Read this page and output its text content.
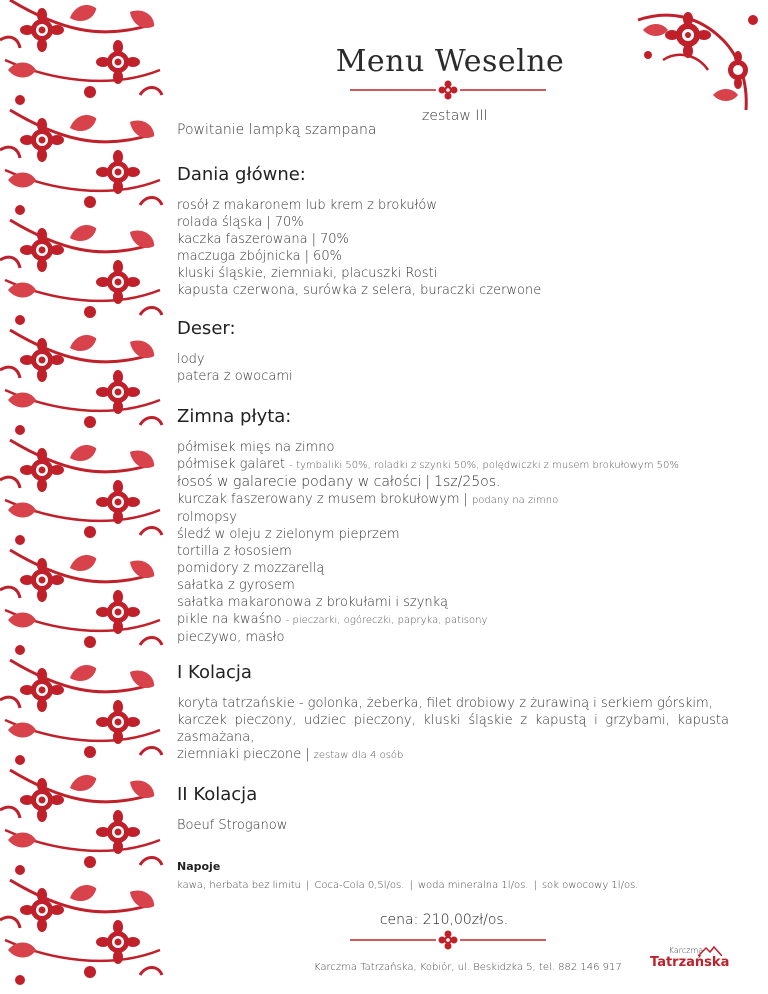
Menu Weselne
zestaw III
Powitanie lampką szampana
Dania główne:
rosół z makaronem lub krem z brokułów
rolada śląska | 70%
kaczka faszerowana | 70%
maczuga zbójnicka | 60%
kluski śląskie, ziemniaki, placuszki Rosti
kapusta czerwona, surówka z selera, buraczki czerwone
Deser:
lody
patera z owocami
Zimna płyta:
półmisek mięs na zimno
półmisek galaret - tymbaliki 50%, roladki z szynki 50%, polędwiczki z musem brokułowym 50%
łosoś w galarecie podany w całości | 1sz/25os.
kurczak faszerowany z musem brokułowym | podany na zimno
rolmopsy
śledź w oleju z zielonym pieprzem
tortilla z łososiem
pomidory z mozzarellą
sałatka z gyrosem
sałatka makaronowa z brokułami i szynką
pikle na kwaśno - pieczarki, ogóreczki, papryka, patisony
pieczywo, masło
I Kolacja
koryta tatrzańskie - golonka, żeberka, filet drobiowy z żurawiną i serkiem górskim,
karczek pieczony, udziec pieczony, kluski śląskie z kapustą i grzybami, kapusta zasmażana,
ziemniaki pieczone | zestaw dla 4 osób
II Kolacja
Boeuf Stroganow
Napoje
kawa, herbata bez limitu | Coca-Cola 0,5l/os. | woda mineralna 1l/os. | sok owocowy 1l/os.
cena: 210,00zł/os.
Karczma Tatrzańska, Kobiór, ul. Beskidzka 5, tel. 882 146 917
Karczma
Tatrzańska
